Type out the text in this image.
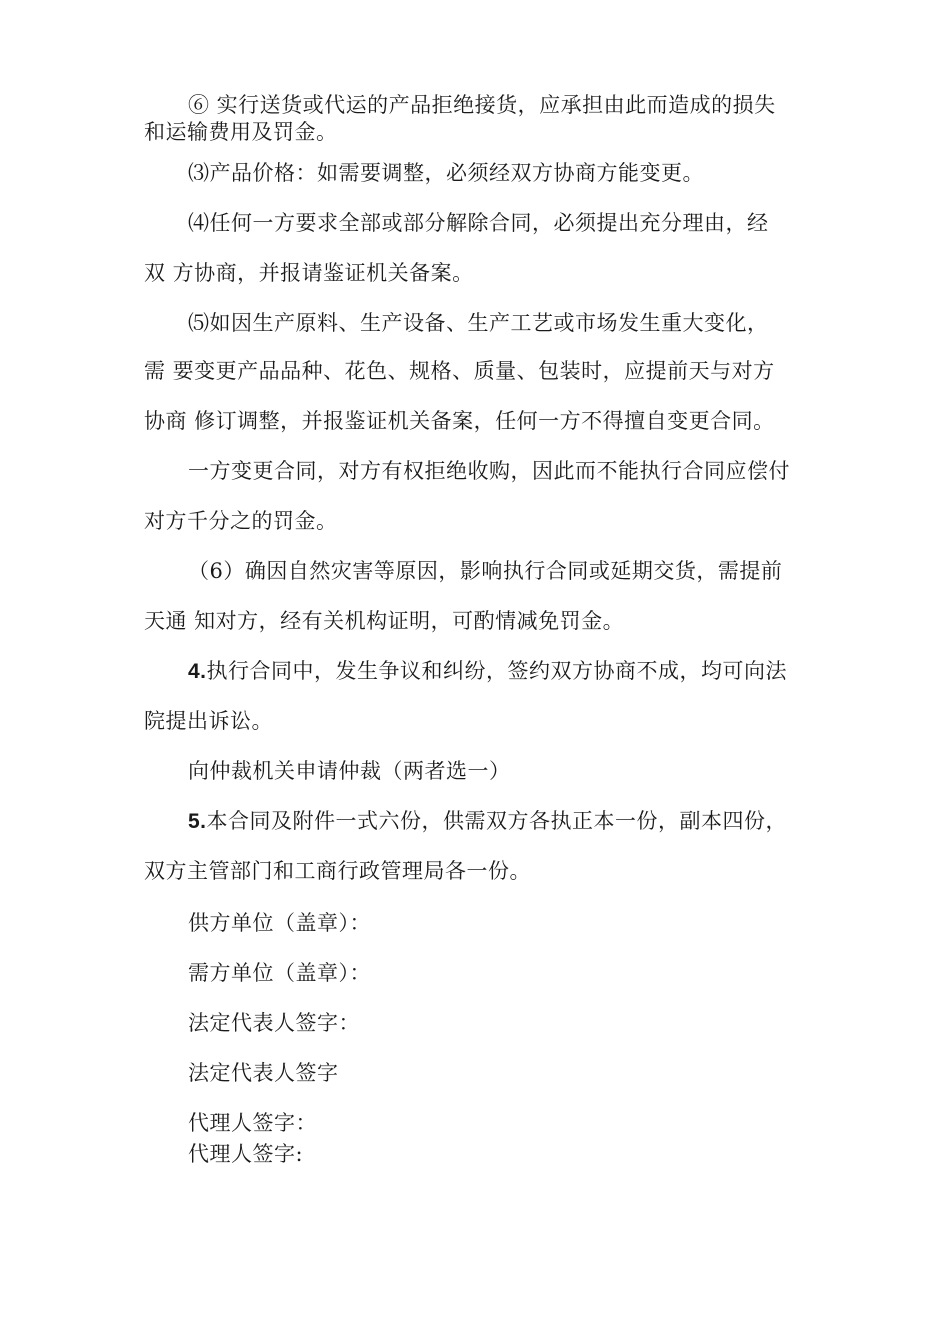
⑥ 实行送货或代运的产品拒绝接货，应承担由此而造成的损失
和运输费用及罚金。
⑶产品价格：如需要调整，必须经双方协商方能变更。
⑷任何一方要求全部或部分解除合同，必须提出充分理由，经
双 方协商，并报请鉴证机关备案。
⑸如因生产原料、生产设备、生产工艺或市场发生重大变化，
需 要变更产品品种、花色、规格、质量、包装时，应提前天与对方
协商 修订调整，并报鉴证机关备案，任何一方不得擅自变更合同。
一方变更合同，对方有权拒绝收购，因此而不能执行合同应偿付
对方千分之的罚金。
（6）确因自然灾害等原因，影响执行合同或延期交货，需提前
天通 知对方，经有关机构证明，可酌情减免罚金。
4.执行合同中，发生争议和纠纷，签约双方协商不成，均可向法
院提出诉讼。
向仲裁机关申请仲裁（两者选一）
5.本合同及附件一式六份，供需双方各执正本一份，副本四份，
双方主管部门和工商行政管理局各一份。
供方单位（盖章）：
需方单位（盖章）：
法定代表人签字：
法定代表人签字
代理人签字：
代理人签字:
